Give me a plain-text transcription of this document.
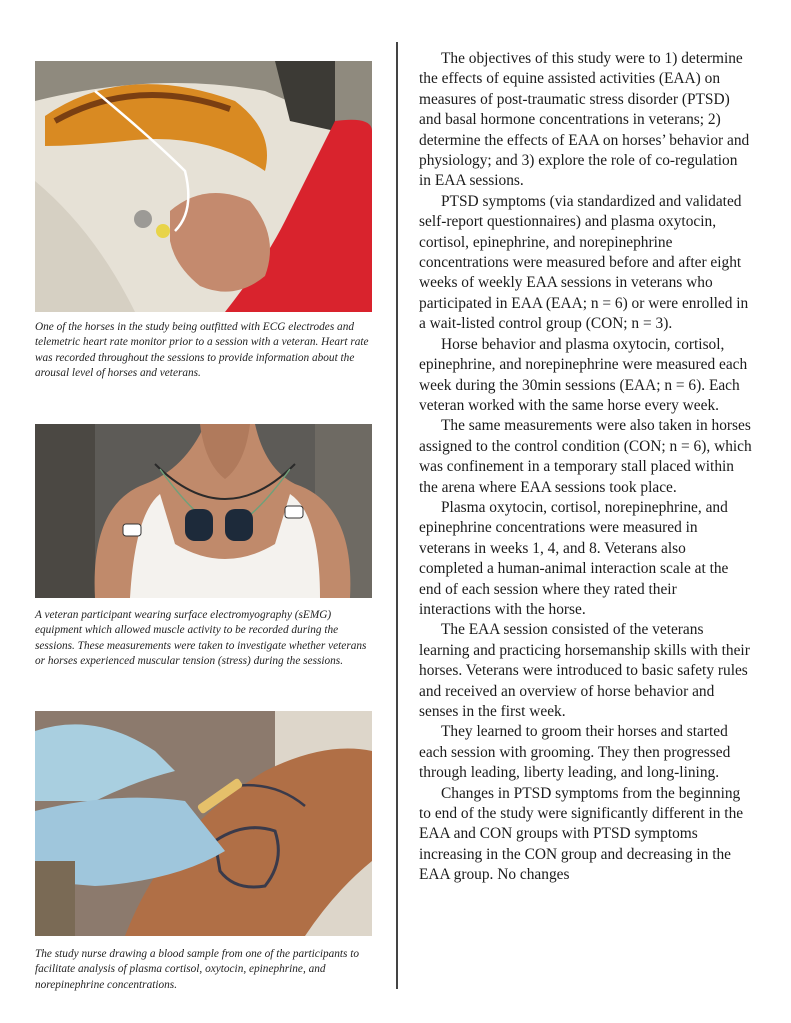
One of the horses in the study being outfitted with ECG electrodes and telemetric heart rate monitor prior to a session with a veteran. Heart rate was recorded throughout the sessions to provide information about the arousal level of horses and veterans.
A veteran participant wearing surface electromyography (sEMG) equipment which allowed muscle activity to be recorded during the sessions. These measurements were taken to investigate whether veterans or horses experienced muscular tension (stress) during the sessions.
The study nurse drawing a blood sample from one of the participants to facilitate analysis of plasma cortisol, oxytocin, epinephrine, and norepinephrine concentrations.

The objectives of this study were to 1) determine the effects of equine assisted activities (EAA) on measures of post-traumatic stress disorder (PTSD) and basal hormone concentrations in veterans; 2) determine the effects of EAA on horses’ behavior and physiology; and 3) explore the role of co-regulation in EAA sessions.

PTSD symptoms (via standardized and validated self-report questionnaires) and plasma oxytocin, cortisol, epinephrine, and norepinephrine concentrations were measured before and after eight weeks of weekly EAA sessions in veterans who participated in EAA (EAA; n = 6) or were enrolled in a wait-listed control group (CON; n = 3).

Horse behavior and plasma oxytocin, cortisol, epinephrine, and norepinephrine were measured each week during the 30min sessions (EAA; n = 6). Each veteran worked with the same horse every week.

The same measurements were also taken in horses assigned to the control condition (CON; n = 6), which was confinement in a temporary stall placed within the arena where EAA sessions took place.

Plasma oxytocin, cortisol, norepinephrine, and epinephrine concentrations were measured in veterans in weeks 1, 4, and 8. Veterans also completed a human-animal interaction scale at the end of each session where they rated their interactions with the horse.

The EAA session consisted of the veterans learning and practicing horsemanship skills with their horses. Veterans were introduced to basic safety rules and received an overview of horse behavior and senses in the first week.

They learned to groom their horses and started each session with grooming. They then progressed through leading, liberty leading, and long-lining.

Changes in PTSD symptoms from the beginning to end of the study were significantly different in the EAA and CON groups with PTSD symptoms increasing in the CON group and decreasing in the EAA group. No changes
